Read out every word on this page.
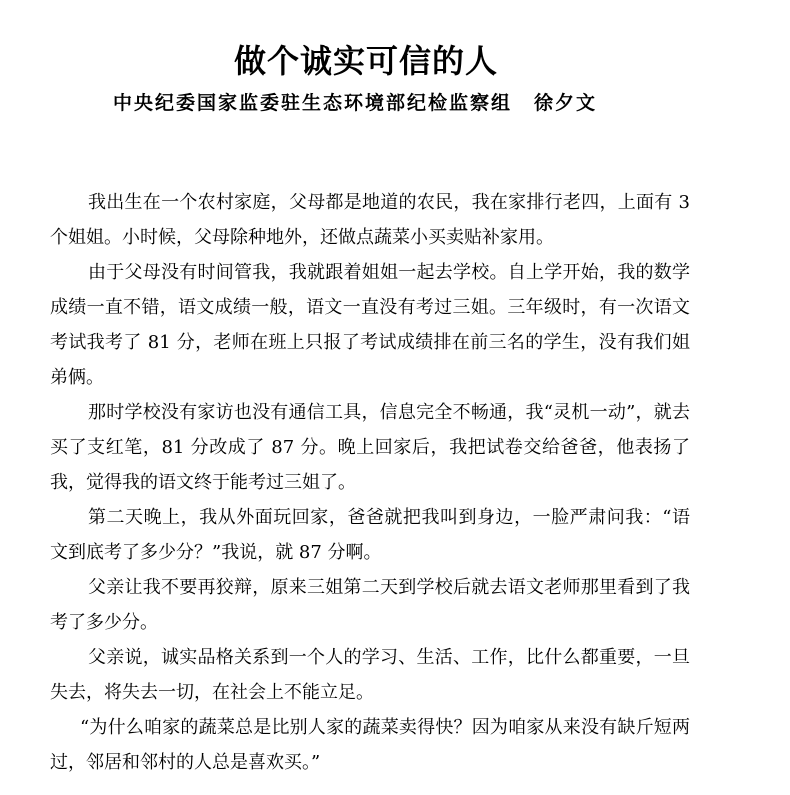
做个诚实可信的人
中央纪委国家监委驻生态环境部纪检监察组 徐夕文

我出生在一个农村家庭，父母都是地道的农民，我在家排行老四，上面有 3 个姐姐。小时候，父母除种地外，还做点蔬菜小买卖贴补家用。

由于父母没有时间管我，我就跟着姐姐一起去学校。自上学开始，我的数学成绩一直不错，语文成绩一般，语文一直没有考过三姐。三年级时，有一次语文考试我考了 81 分，老师在班上只报了考试成绩排在前三名的学生，没有我们姐弟俩。

那时学校没有家访也没有通信工具，信息完全不畅通，我“灵机一动”，就去买了支红笔，81 分改成了 87 分。晚上回家后，我把试卷交给爸爸，他表扬了我，觉得我的语文终于能考过三姐了。

第二天晚上，我从外面玩回家，爸爸就把我叫到身边，一脸严肃问我：“语文到底考了多少分？”我说，就 87 分啊。

父亲让我不要再狡辩，原来三姐第二天到学校后就去语文老师那里看到了我考了多少分。

父亲说，诚实品格关系到一个人的学习、生活、工作，比什么都重要，一旦失去，将失去一切，在社会上不能立足。

“为什么咱家的蔬菜总是比别人家的蔬菜卖得快？因为咱家从来没有缺斤短两过，邻居和邻村的人总是喜欢买。”
